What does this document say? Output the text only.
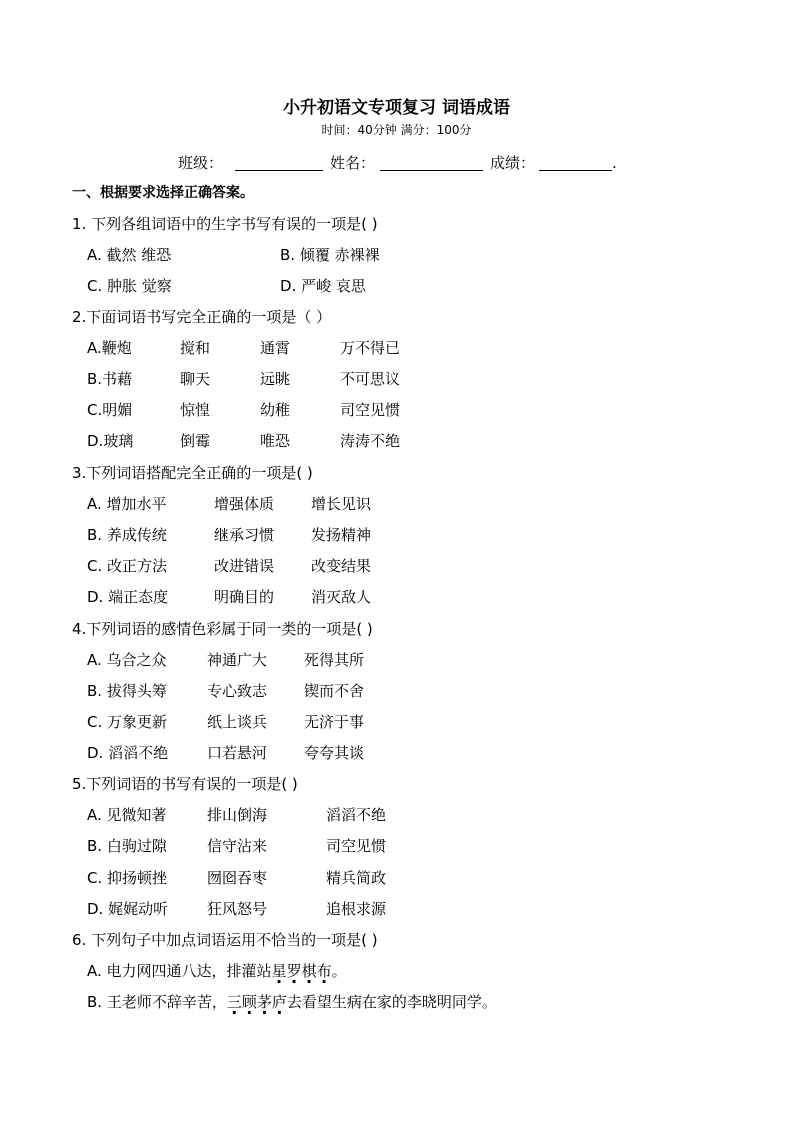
小升初语文专项复习 词语成语
时间：40分钟 满分：100分
班级：	姓名：	成绩：	.
一、根据要求选择正确答案。
1. 下列各组词语中的生字书写有误的一项是( )
A. 截然 维恐	B. 倾覆 赤裸裸
C. 肿胀 觉察	D. 严峻 哀思
2.下面词语书写完全正确的一项是（ ）
A.鞭炮	搅和	通霄	万不得已
B.书藉	聊天	远眺	不可思议
C.明媚	惊惶	幼稚	司空见惯
D.玻璃	倒霉	唯恐	涛涛不绝
3.下列词语搭配完全正确的一项是( )
A. 增加水平	增强体质 增长见识
B. 养成传统	继承习惯 发扬精神
C. 改正方法	改进错误 改变结果
D. 端正态度	明确目的 消灭敌人
4.下列词语的感情色彩属于同一类的一项是( )
A. 乌合之众	神通广大 死得其所
B. 拔得头筹	专心致志 锲而不舍
C. 万象更新	纸上谈兵 无济于事
D. 滔滔不绝	口若悬河 夸夸其谈
5.下列词语的书写有误的一项是( )
A. 见微知著	排山倒海	滔滔不绝
B. 白驹过隙	信守沾来	司空见惯
C. 抑扬顿挫	囫囵吞枣	精兵简政
D. 娓娓动听	狂风怒号	追根求源
6. 下列句子中加点词语运用不恰当的一项是( )
A. 电力网四通八达，排灌站星罗棋布。
B. 王老师不辞辛苦，三顾茅庐去看望生病在家的李晓明同学。
